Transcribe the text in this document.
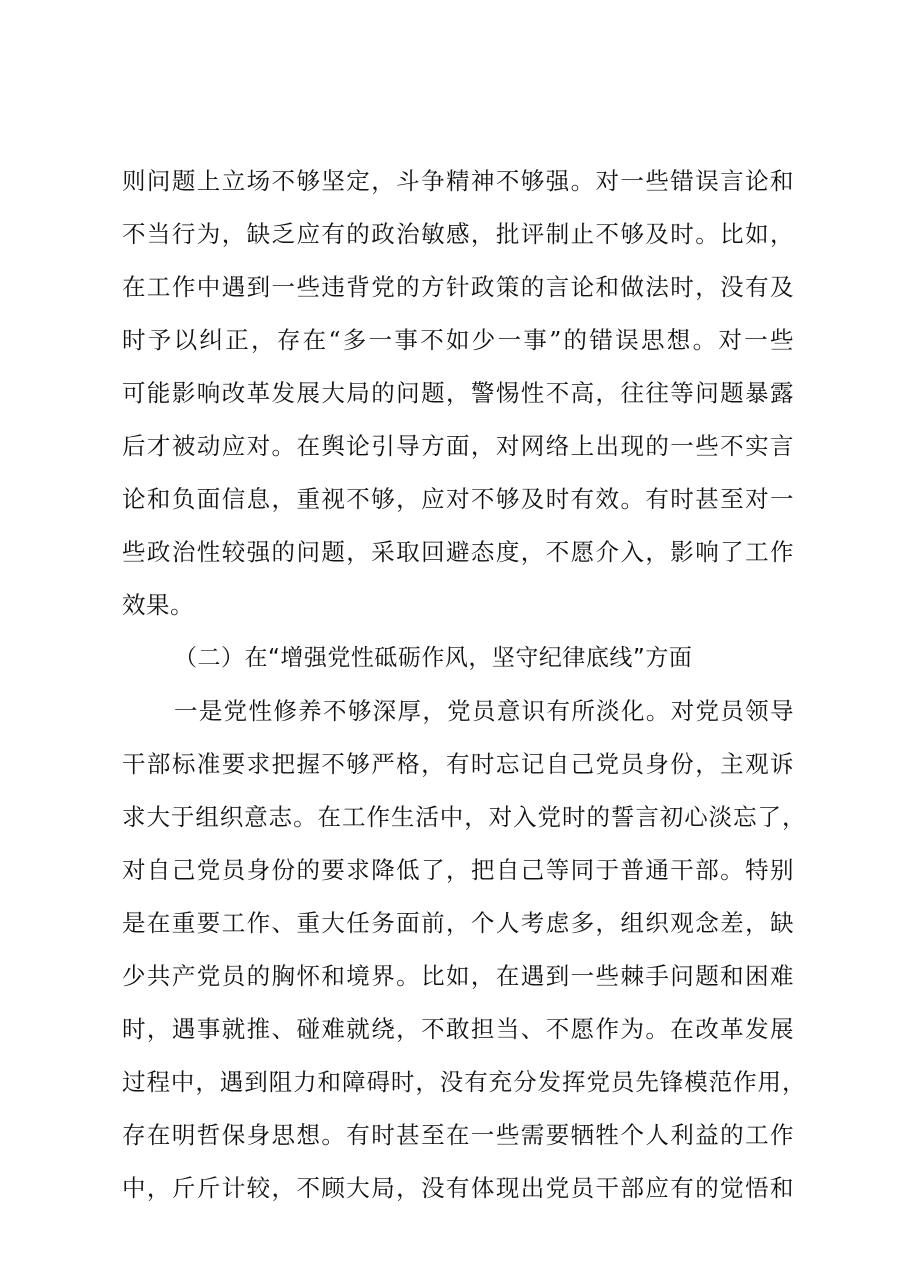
则问题上立场不够坚定，斗争精神不够强。对一些错误言论和
不当行为，缺乏应有的政治敏感，批评制止不够及时。比如，
在工作中遇到一些违背党的方针政策的言论和做法时，没有及
时予以纠正，存在“多一事不如少一事”的错误思想。对一些
可能影响改革发展大局的问题，警惕性不高，往往等问题暴露
后才被动应对。在舆论引导方面，对网络上出现的一些不实言
论和负面信息，重视不够，应对不够及时有效。有时甚至对一
些政治性较强的问题，采取回避态度，不愿介入，影响了工作
效果。
（二）在“增强党性砥砺作风，坚守纪律底线”方面
一是党性修养不够深厚，党员意识有所淡化。对党员领导
干部标准要求把握不够严格，有时忘记自己党员身份，主观诉
求大于组织意志。在工作生活中，对入党时的誓言初心淡忘了，
对自己党员身份的要求降低了，把自己等同于普通干部。特别
是在重要工作、重大任务面前，个人考虑多，组织观念差，缺
少共产党员的胸怀和境界。比如，在遇到一些棘手问题和困难
时，遇事就推、碰难就绕，不敢担当、不愿作为。在改革发展
过程中，遇到阻力和障碍时，没有充分发挥党员先锋模范作用，
存在明哲保身思想。有时甚至在一些需要牺牲个人利益的工作
中，斤斤计较，不顾大局，没有体现出党员干部应有的觉悟和
